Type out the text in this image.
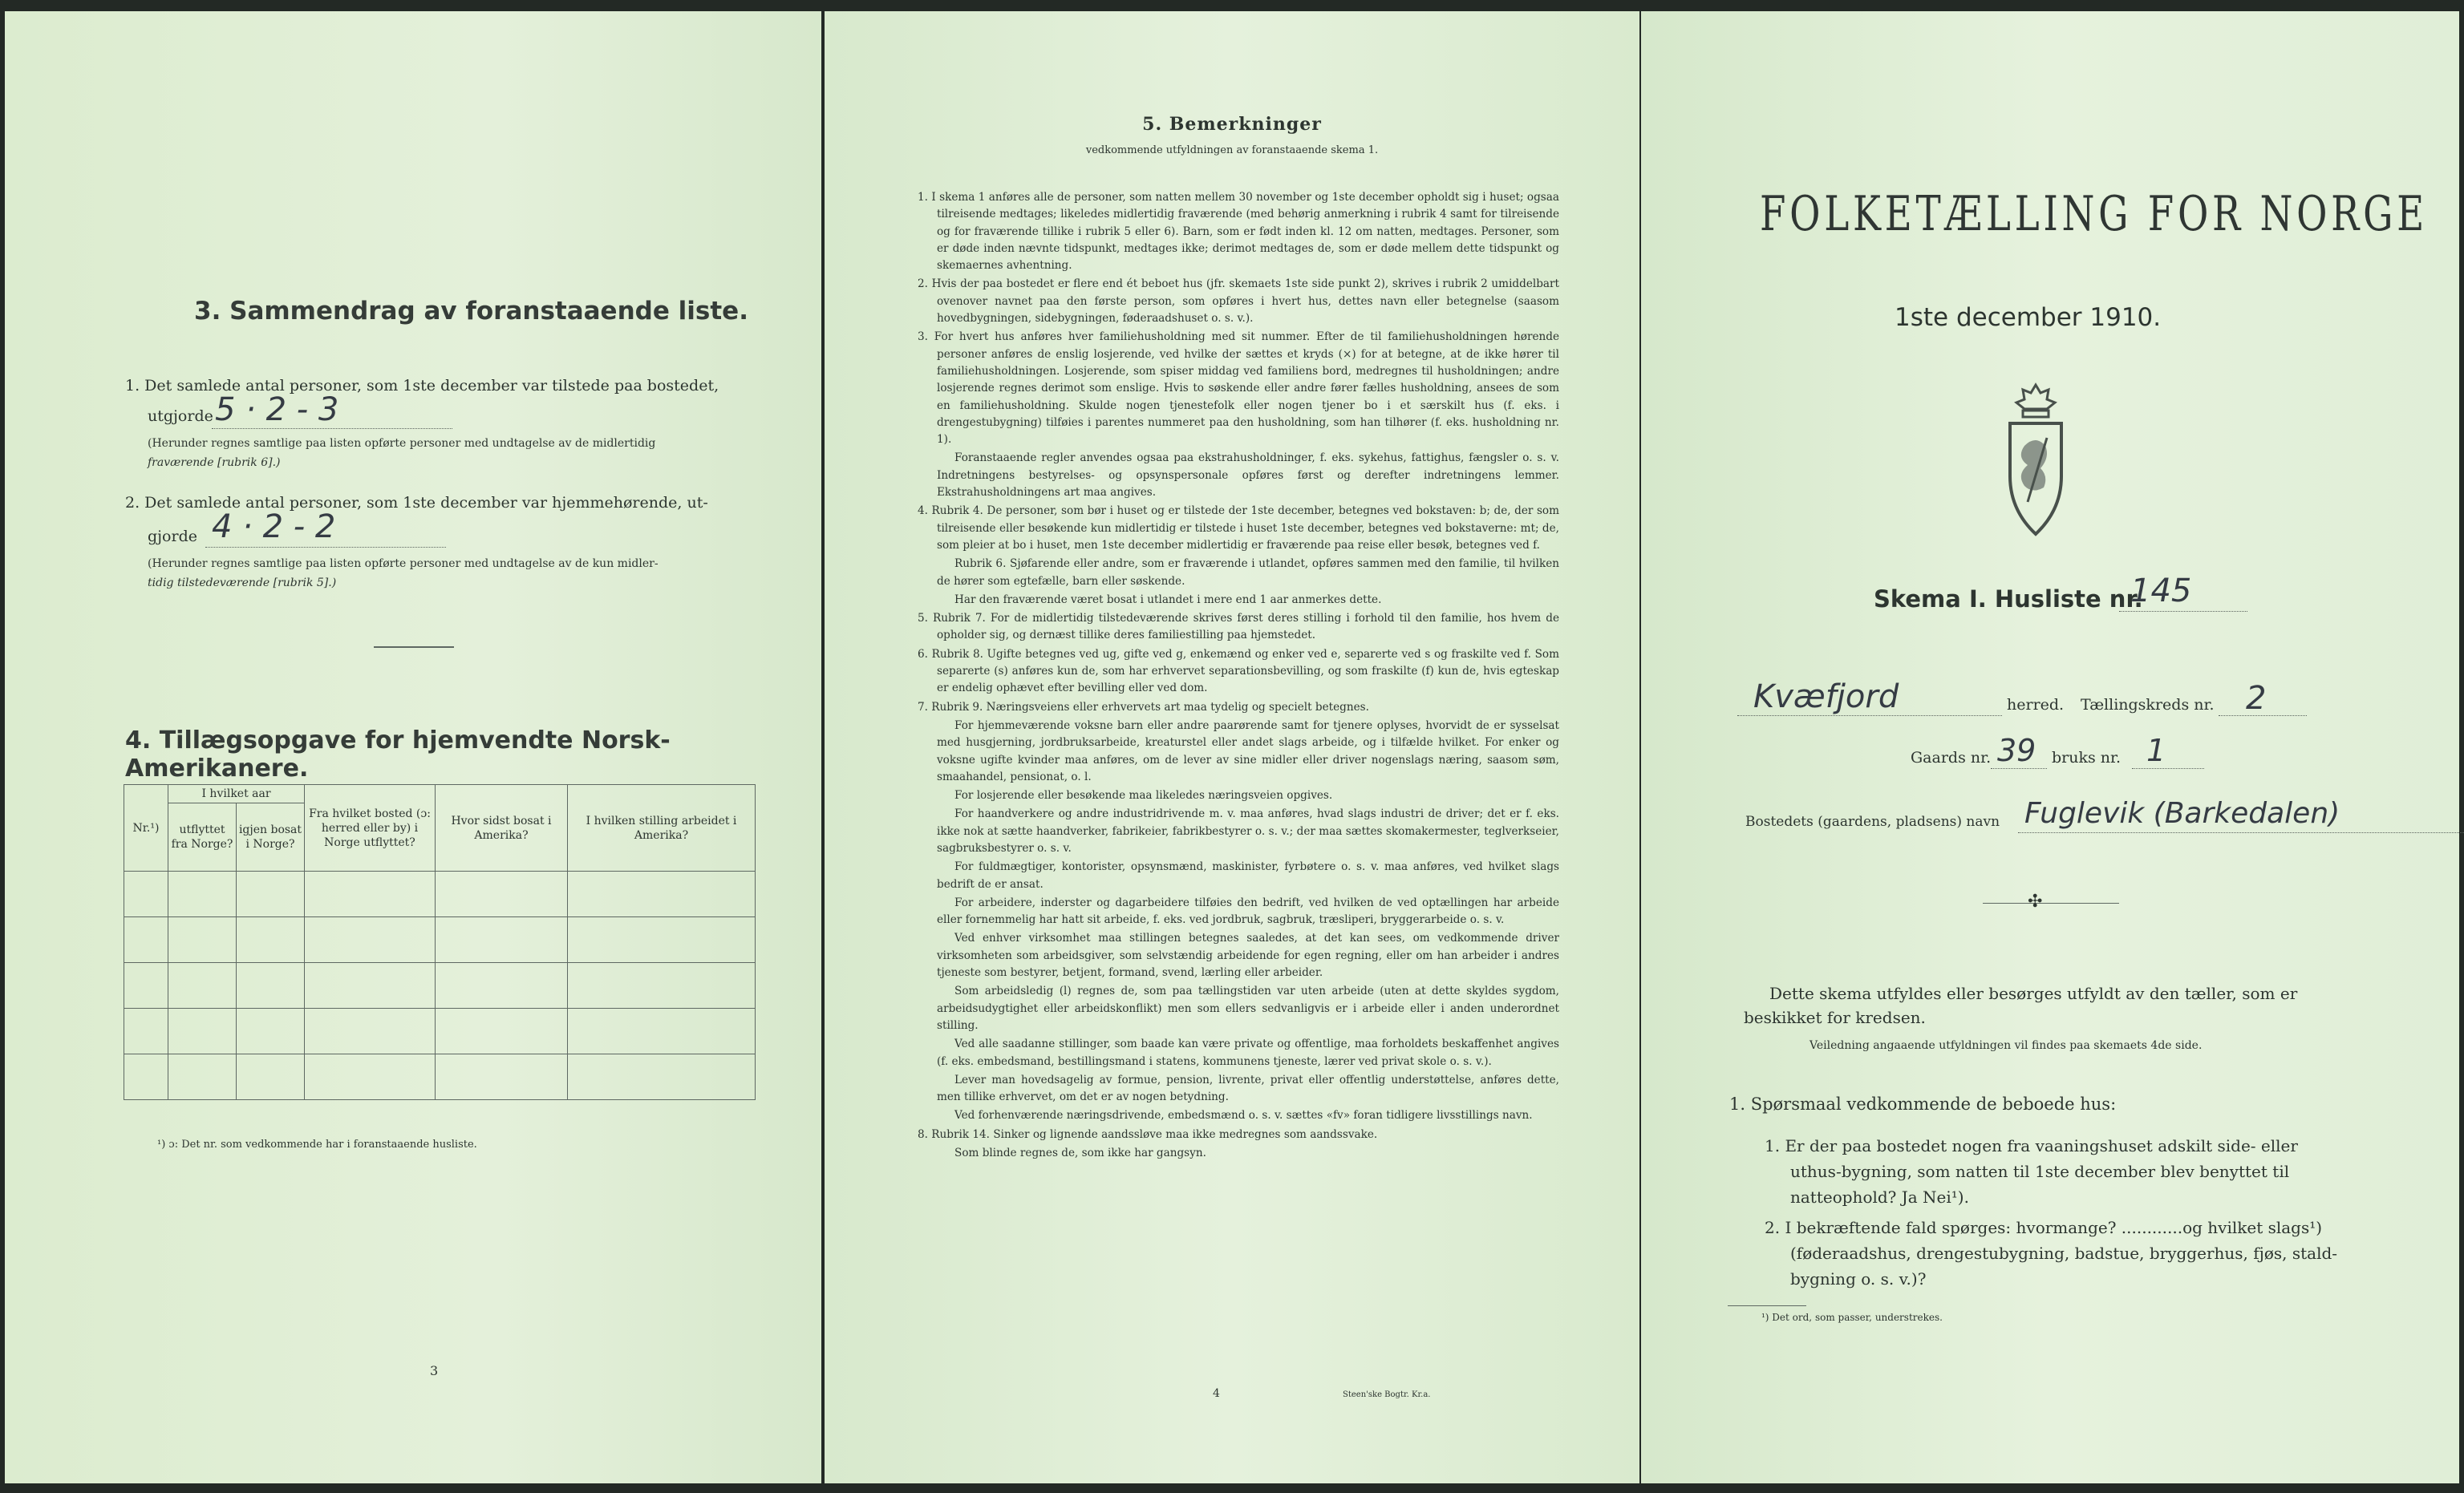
3. Sammendrag av foranstaaende liste.
1. Det samlede antal personer, som 1ste december var tilstede paa bostedet,
utgjorde 5 · 2 - 3
(Herunder regnes samtlige paa listen opførte personer med undtagelse av de midlertidig
fraværende [rubrik 6].)
2. Det samlede antal personer, som 1ste december var hjemmehørende, ut-
gjorde 4 · 2 - 2
(Herunder regnes samtlige paa listen opførte personer med undtagelse av de kun midler-
tidig tilstedeværende [rubrik 5].)
4. Tillægsopgave for hjemvendte Norsk-Amerikanere.
Nr.¹)	I hvilket aar		Fra hvilket bosted (ɔ: herred eller by) i Norge utflyttet?	Hvor sidst bosat i Amerika?	I hvilken stilling arbeidet i Amerika?
	utflyttet fra Norge?	igjen bosat i Norge?			

¹) ɔ: Det nr. som vedkommende har i foranstaaende husliste.
3
5. Bemerkninger
vedkommende utfyldningen av foranstaaende skema 1.

1. I skema 1 anføres alle de personer, som natten mellem 30 november og 1ste december opholdt sig i huset; ogsaa tilreisende medtages; likeledes midlertidig fraværende (med behørig anmerkning i rubrik 4 samt for tilreisende og for fraværende tillike i rubrik 5 eller 6). Barn, som er født inden kl. 12 om natten, medtages. Personer, som er døde inden nævnte tidspunkt, medtages ikke; derimot medtages de, som er døde mellem dette tidspunkt og skemaernes avhentning.

2. Hvis der paa bostedet er flere end ét beboet hus (jfr. skemaets 1ste side punkt 2), skrives i rubrik 2 umiddelbart ovenover navnet paa den første person, som opføres i hvert hus, dettes navn eller betegnelse (saasom hovedbygningen, sidebygningen, føderaadshuset o. s. v.).

3. For hvert hus anføres hver familiehusholdning med sit nummer. Efter de til familiehusholdningen hørende personer anføres de enslig losjerende, ved hvilke der sættes et kryds (×) for at betegne, at de ikke hører til familiehusholdningen. Losjerende, som spiser middag ved familiens bord, medregnes til husholdningen; andre losjerende regnes derimot som enslige. Hvis to søskende eller andre fører fælles husholdning, ansees de som en familiehusholdning. Skulde nogen tjenestefolk eller nogen tjener bo i et særskilt hus (f. eks. i drengestubygning) tilføies i parentes nummeret paa den husholdning, som han tilhører (f. eks. husholdning nr. 1).

Foranstaaende regler anvendes ogsaa paa ekstrahusholdninger, f. eks. sykehus, fattighus, fængsler o. s. v. Indretningens bestyrelses- og opsynspersonale opføres først og derefter indretningens lemmer. Ekstrahusholdningens art maa angives.

4. Rubrik 4. De personer, som bør i huset og er tilstede der 1ste december, betegnes ved bokstaven: b; de, der som tilreisende eller besøkende kun midlertidig er tilstede i huset 1ste december, betegnes ved bokstaverne: mt; de, som pleier at bo i huset, men 1ste december midlertidig er fraværende paa reise eller besøk, betegnes ved f.

Rubrik 6. Sjøfarende eller andre, som er fraværende i utlandet, opføres sammen med den familie, til hvilken de hører som egtefælle, barn eller søskende.

Har den fraværende været bosat i utlandet i mere end 1 aar anmerkes dette.

5. Rubrik 7. For de midlertidig tilstedeværende skrives først deres stilling i forhold til den familie, hos hvem de opholder sig, og dernæst tillike deres familiestilling paa hjemstedet.

6. Rubrik 8. Ugifte betegnes ved ug, gifte ved g, enkemænd og enker ved e, separerte ved s og fraskilte ved f. Som separerte (s) anføres kun de, som har erhvervet separationsbevilling, og som fraskilte (f) kun de, hvis egteskap er endelig ophævet efter bevilling eller ved dom.

7. Rubrik 9. Næringsveiens eller erhvervets art maa tydelig og specielt betegnes.

For hjemmeværende voksne barn eller andre paarørende samt for tjenere oplyses, hvorvidt de er sysselsat med husgjerning, jordbruksarbeide, kreaturstel eller andet slags arbeide, og i tilfælde hvilket. For enker og voksne ugifte kvinder maa anføres, om de lever av sine midler eller driver nogenslags næring, saasom søm, smaahandel, pensionat, o. l.

For losjerende eller besøkende maa likeledes næringsveien opgives.

For haandverkere og andre industridrivende m. v. maa anføres, hvad slags industri de driver; det er f. eks. ikke nok at sætte haandverker, fabrikeier, fabrikbestyrer o. s. v.; der maa sættes skomakermester, teglverkseier, sagbruksbestyrer o. s. v.

For fuldmægtiger, kontorister, opsynsmænd, maskinister, fyrbøtere o. s. v. maa anføres, ved hvilket slags bedrift de er ansat.

For arbeidere, inderster og dagarbeidere tilføies den bedrift, ved hvilken de ved optællingen har arbeide eller fornemmelig har hatt sit arbeide, f. eks. ved jordbruk, sagbruk, træsliperi, bryggerarbeide o. s. v.

Ved enhver virksomhet maa stillingen betegnes saaledes, at det kan sees, om vedkommende driver virksomheten som arbeidsgiver, som selvstændig arbeidende for egen regning, eller om han arbeider i andres tjeneste som bestyrer, betjent, formand, svend, lærling eller arbeider.

Som arbeidsledig (l) regnes de, som paa tællingstiden var uten arbeide (uten at dette skyldes sygdom, arbeidsudygtighet eller arbeidskonflikt) men som ellers sedvanligvis er i arbeide eller i anden underordnet stilling.

Ved alle saadanne stillinger, som baade kan være private og offentlige, maa forholdets beskaffenhet angives (f. eks. embedsmand, bestillingsmand i statens, kommunens tjeneste, lærer ved privat skole o. s. v.).

Lever man hovedsagelig av formue, pension, livrente, privat eller offentlig understøttelse, anføres dette, men tillike erhvervet, om det er av nogen betydning.

Ved forhenværende næringsdrivende, embedsmænd o. s. v. sættes «fv» foran tidligere livsstillings navn.

8. Rubrik 14. Sinker og lignende aandssløve maa ikke medregnes som aandssvake.

Som blinde regnes de, som ikke har gangsyn.

4	Steen'ske Bogtr. Kr.a.
FOLKETÆLLING FOR NORGE
1ste december 1910.
Skema I. Husliste nr.
145
Kvæfjord	herred. Tællingskreds nr. 2
Gaards nr. 39 bruks nr. 1
Bostedets (gaardens, pladsens) navn Fuglevik (Barkedalen)
✣
Dette skema utfyldes eller besørges utfyldt av den tæller, som er
beskikket for kredsen.
Veiledning angaaende utfyldningen vil findes paa skemaets 4de side.
1. Spørsmaal vedkommende de beboede hus:
1. Er der paa bostedet nogen fra vaaningshuset adskilt side- eller
uthus-bygning, som natten til 1ste december blev benyttet til
natteophold? Ja Nei¹).
2. I bekræftende fald spørges: hvormange? ............og hvilket slags¹)
(føderaadshus, drengestubygning, badstue, bryggerhus, fjøs, stald-
bygning o. s. v.)?
¹) Det ord, som passer, understrekes.
